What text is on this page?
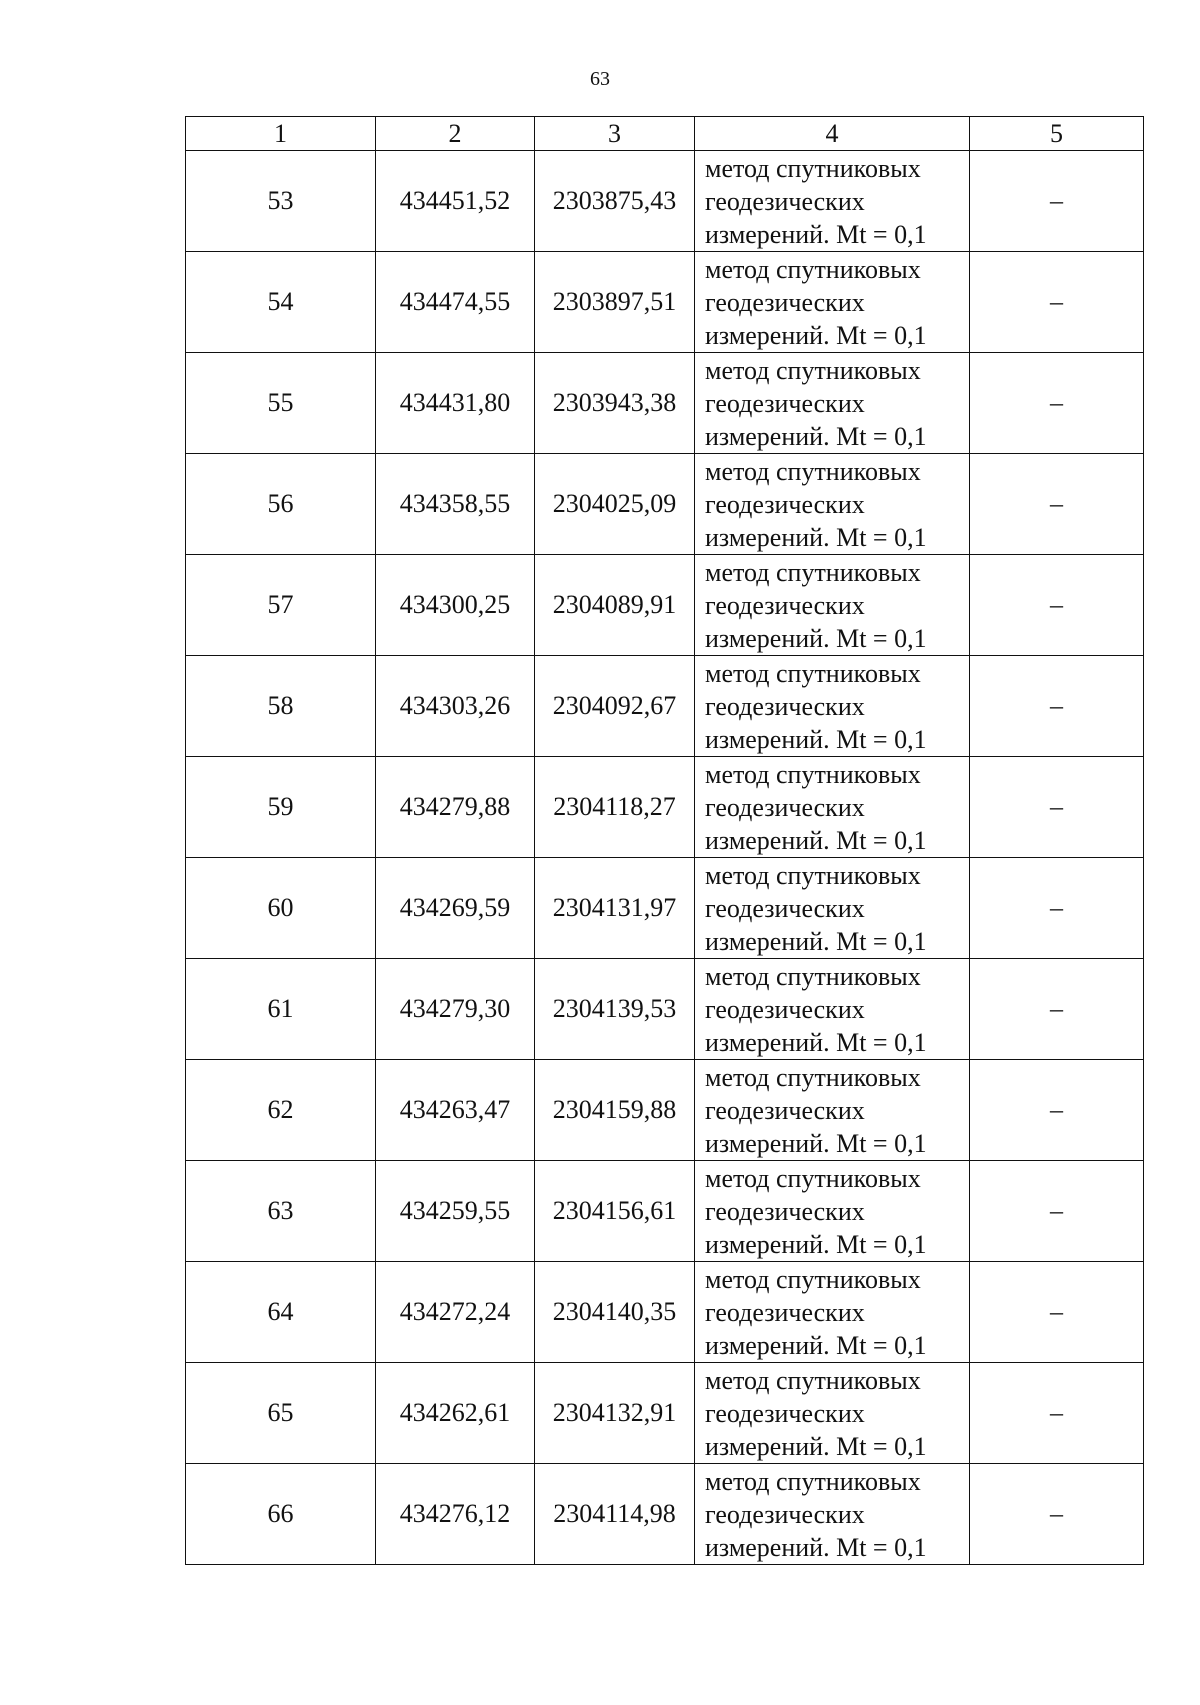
63
1	2	3	4	5
53	434451,52	2303875,43	метод спутниковых
геодезических
измерений. Mt = 0,1	–
54	434474,55	2303897,51	метод спутниковых
геодезических
измерений. Mt = 0,1	–
55	434431,80	2303943,38	метод спутниковых
геодезических
измерений. Mt = 0,1	–
56	434358,55	2304025,09	метод спутниковых
геодезических
измерений. Mt = 0,1	–
57	434300,25	2304089,91	метод спутниковых
геодезических
измерений. Mt = 0,1	–
58	434303,26	2304092,67	метод спутниковых
геодезических
измерений. Mt = 0,1	–
59	434279,88	2304118,27	метод спутниковых
геодезических
измерений. Mt = 0,1	–
60	434269,59	2304131,97	метод спутниковых
геодезических
измерений. Mt = 0,1	–
61	434279,30	2304139,53	метод спутниковых
геодезических
измерений. Mt = 0,1	–
62	434263,47	2304159,88	метод спутниковых
геодезических
измерений. Mt = 0,1	–
63	434259,55	2304156,61	метод спутниковых
геодезических
измерений. Mt = 0,1	–
64	434272,24	2304140,35	метод спутниковых
геодезических
измерений. Mt = 0,1	–
65	434262,61	2304132,91	метод спутниковых
геодезических
измерений. Mt = 0,1	–
66	434276,12	2304114,98	метод спутниковых
геодезических
измерений. Mt = 0,1	–
